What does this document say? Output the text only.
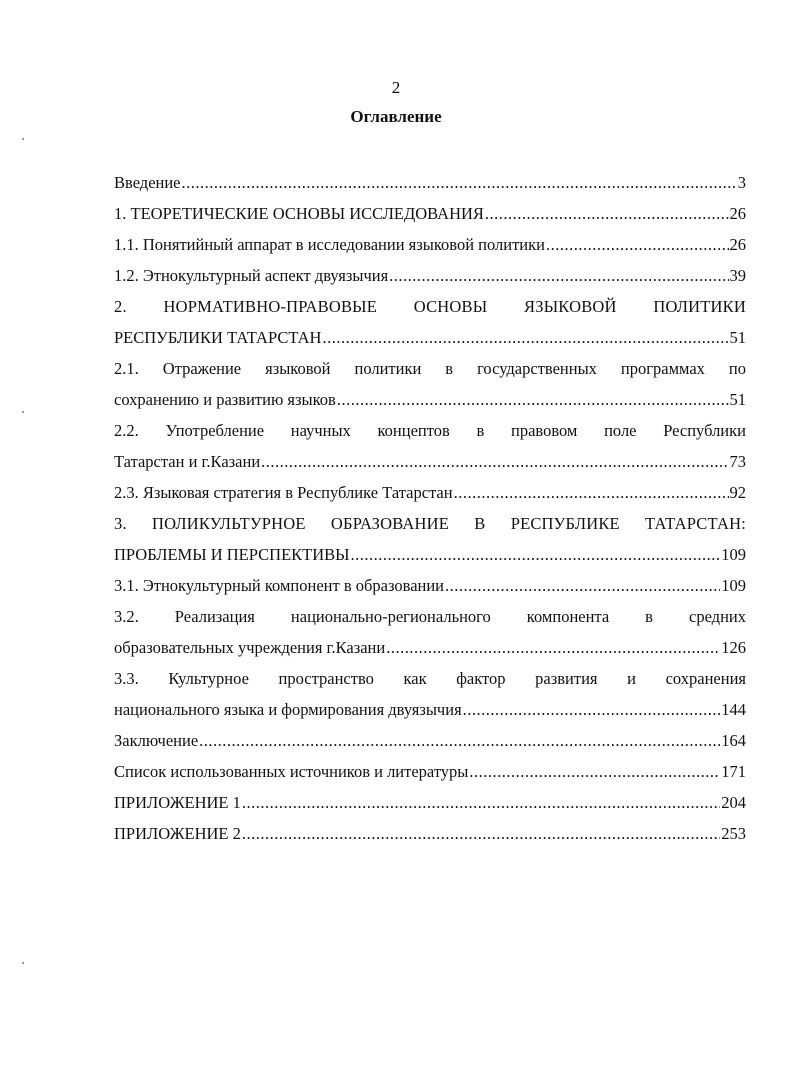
2
Оглавление
Введение .....	3
1. ТЕОРЕТИЧЕСКИЕ ОСНОВЫ ИССЛЕДОВАНИЯ .....	26
1.1. Понятийный аппарат в исследовании языковой политики .....	26
1.2. Этнокультурный аспект двуязычия .....	39
2. НОРМАТИВНО-ПРАВОВЫЕ ОСНОВЫ ЯЗЫКОВОЙ ПОЛИТИКИ
РЕСПУБЛИКИ ТАТАРСТАН .....	51
2.1. Отражение языковой политики в государственных программах по
сохранению и развитию языков .....	51
2.2. Употребление научных концептов в правовом поле Республики
Татарстан и г.Казани .....	73
2.3. Языковая стратегия в Республике Татарстан .....	92
3. ПОЛИКУЛЬТУРНОЕ ОБРАЗОВАНИЕ В РЕСПУБЛИКЕ ТАТАРСТАН:
ПРОБЛЕМЫ И ПЕРСПЕКТИВЫ .....	109
3.1. Этнокультурный компонент в образовании .....	109
3.2. Реализация национально-регионального компонента в средних
образовательных учреждения г.Казани .....	126
3.3. Культурное пространство как фактор развития и сохранения
национального языка и формирования двуязычия .....	144
Заключение .....	164
Список использованных источников и литературы .....	171
ПРИЛОЖЕНИЕ 1 .....	204
ПРИЛОЖЕНИЕ 2 .....	253
